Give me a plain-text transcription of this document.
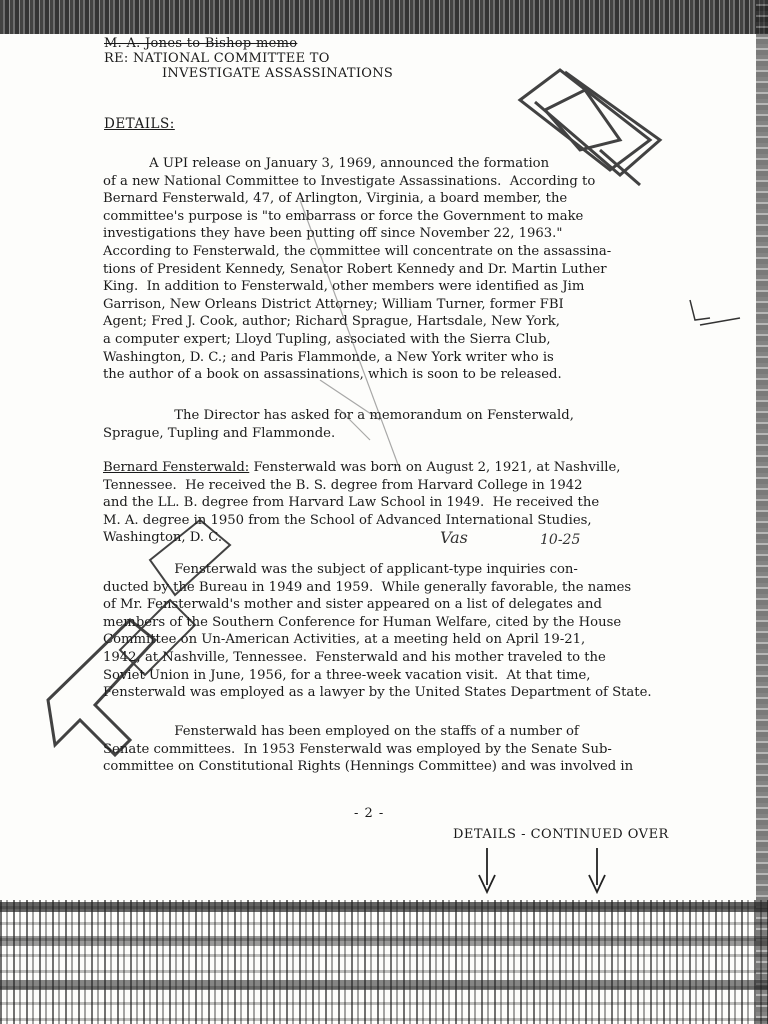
M. A. Jones to Bishop memo
RE: NATIONAL COMMITTEE TO
INVESTIGATE ASSASSINATIONS
DETAILS:

A UPI release on January 3, 1969, announced the formation
of a new National Committee to Investigate Assassinations.  According to
Bernard Fensterwald, 47, of Arlington, Virginia, a board member, the
committee's purpose is "to embarrass or force the Government to make
investigations they have been putting off since November 22, 1963."
According to Fensterwald, the committee will concentrate on the assassina-
tions of President Kennedy, Senator Robert Kennedy and Dr. Martin Luther
King.  In addition to Fensterwald, other members were identified as Jim
Garrison, New Orleans District Attorney; William Turner, former FBI
Agent; Fred J. Cook, author; Richard Sprague, Hartsdale, New York,
a computer expert; Lloyd Tupling, associated with the Sierra Club,
Washington, D. C.; and Paris Flammonde, a New York writer who is
the author of a book on assassinations, which is soon to be released.

The Director has asked for a memorandum on Fensterwald,
Sprague, Tupling and Flammonde.

Bernard Fensterwald: Fensterwald was born on August 2, 1921, at Nashville,
Tennessee.  He received the B. S. degree from Harvard College in 1942
and the LL. B. degree from Harvard Law School in 1949.  He received the
M. A. degree in 1950 from the School of Advanced International Studies,
Washington, D. C.

Fensterwald was the subject of applicant-type inquiries con-
ducted by the Bureau in 1949 and 1959.  While generally favorable, the names
of Mr. Fensterwald's mother and sister appeared on a list of delegates and
members of the Southern Conference for Human Welfare, cited by the House
Committee on Un-American Activities, at a meeting held on April 19-21,
1942, at Nashville, Tennessee.  Fensterwald and his mother traveled to the
Soviet Union in June, 1956, for a three-week vacation visit.  At that time,
Fensterwald was employed as a lawyer by the United States Department of State.

Fensterwald has been employed on the staffs of a number of
Senate committees.  In 1953 Fensterwald was employed by the Senate Sub-
committee on Constitutional Rights (Hennings Committee) and was involved in

- 2 -
DETAILS - CONTINUED OVER
Vas	10-25
